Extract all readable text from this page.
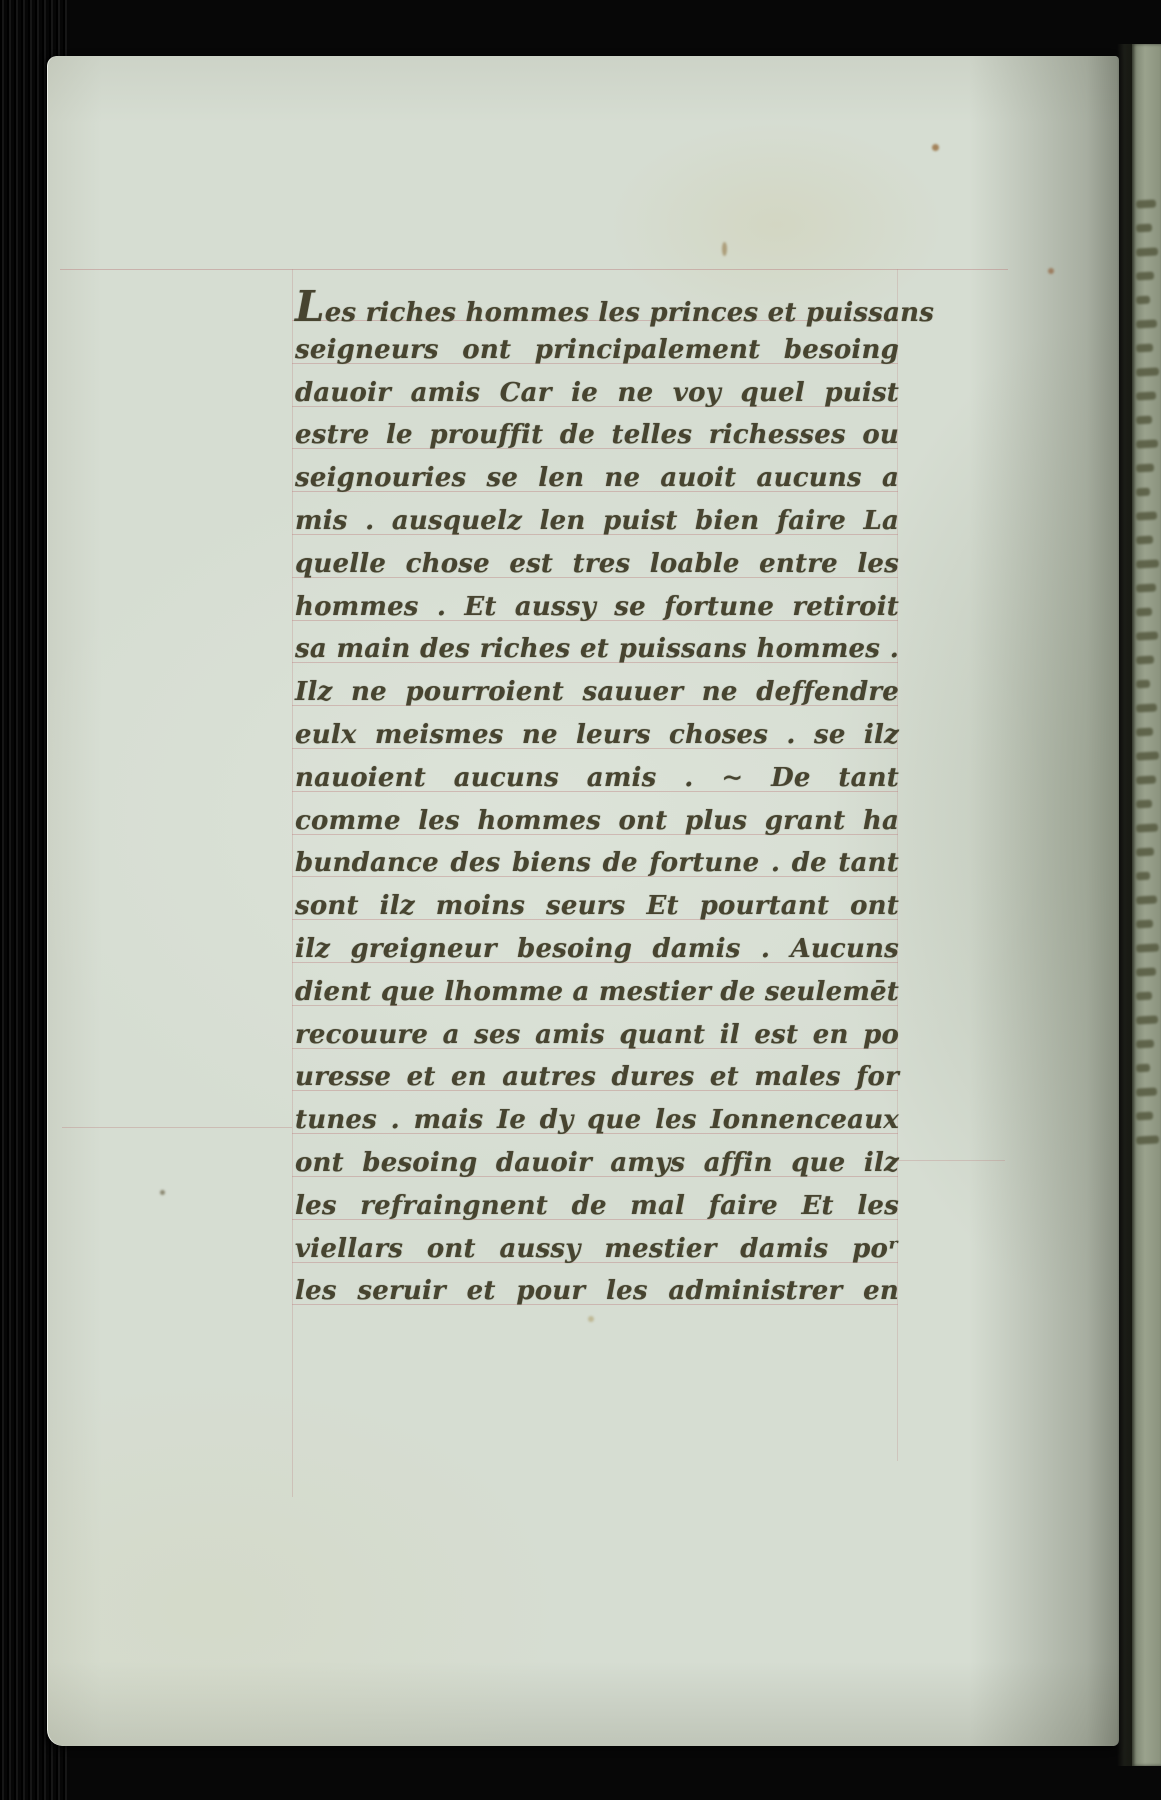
Les riches hommes les princes et puissans
seigneurs ont principalement besoing
dauoir amis Car ie ne voy quel puist
estre le prouffit de telles richesses ou
seignouries se len ne auoit aucuns a
mis . ausquelz len puist bien faire La
quelle chose est tres loable entre les
hommes . Et aussy se fortune retiroit
sa main des riches et puissans hommes .
Ilz ne pourroient sauuer ne deffendre
eulx meismes ne leurs choses . se ilz
nauoient aucuns amis . ∼ De tant
comme les hommes ont plus grant ha
bundance des biens de fortune . de tant
sont ilz moins seurs Et pourtant ont
ilz greigneur besoing damis . Aucuns
dient que lhomme a mestier de seulemēt
recouure a ses amis quant il est en po
uresse et en autres dures et males for
tunes . mais Ie dy que les Ionnenceaux
ont besoing dauoir amys affin que ilz
les refraingnent de mal faire Et les
viellars ont aussy mestier damis poʳ
les seruir et pour les administrer en
